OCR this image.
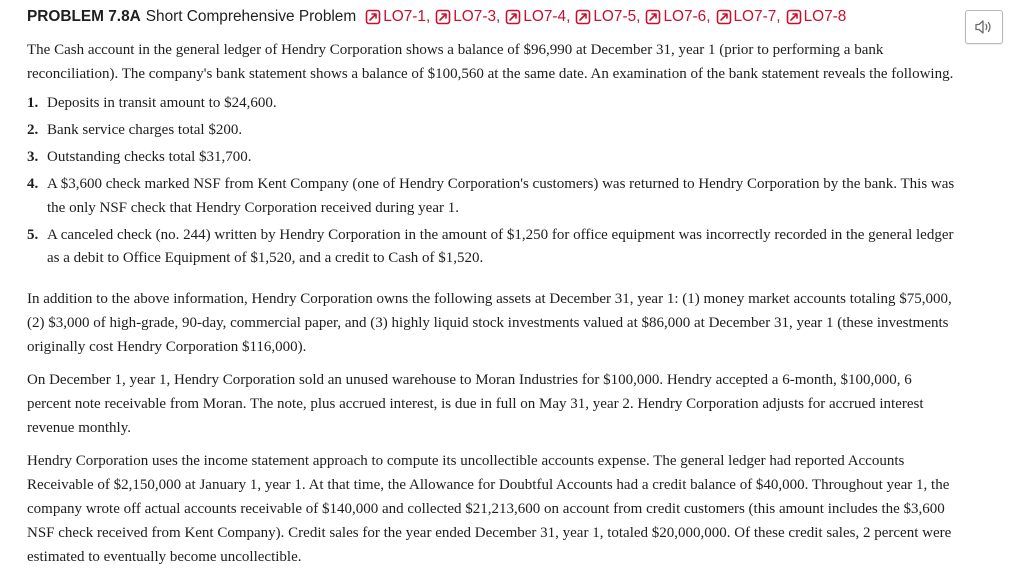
PROBLEM 7.8A Short Comprehensive Problem LO7-1 , LO7-3 , LO7-4 , LO7-5 , LO7-6 , LO7-7 , LO7-8

The Cash account in the general ledger of Hendry Corporation shows a balance of $96,990 at December 31, year 1 (prior to performing a bank reconciliation). The company's bank statement shows a balance of $100,560 at the same date. An examination of the bank statement reveals the following.

1. Deposits in transit amount to $24,600.
2. Bank service charges total $200.
3. Outstanding checks total $31,700.
4. A $3,600 check marked NSF from Kent Company (one of Hendry Corporation's customers) was returned to Hendry Corporation by the bank. This was the only NSF check that Hendry Corporation received during year 1.
5. A canceled check (no. 244) written by Hendry Corporation in the amount of $1,250 for office equipment was incorrectly recorded in the general ledger as a debit to Office Equipment of $1,520, and a credit to Cash of $1,520.

In addition to the above information, Hendry Corporation owns the following assets at December 31, year 1: (1) money market accounts totaling $75,000, (2) $3,000 of high-grade, 90-day, commercial paper, and (3) highly liquid stock investments valued at $86,000 at December 31, year 1 (these investments originally cost Hendry Corporation $116,000).

On December 1, year 1, Hendry Corporation sold an unused warehouse to Moran Industries for $100,000. Hendry accepted a 6-month, $100,000, 6 percent note receivable from Moran. The note, plus accrued interest, is due in full on May 31, year 2. Hendry Corporation adjusts for accrued interest revenue monthly.

Hendry Corporation uses the income statement approach to compute its uncollectible accounts expense. The general ledger had reported Accounts Receivable of $2,150,000 at January 1, year 1. At that time, the Allowance for Doubtful Accounts had a credit balance of $40,000. Throughout year 1, the company wrote off actual accounts receivable of $140,000 and collected $21,213,600 on account from credit customers (this amount includes the $3,600 NSF check received from Kent Company). Credit sales for the year ended December 31, year 1, totaled $20,000,000. Of these credit sales, 2 percent were estimated to eventually become uncollectible.
